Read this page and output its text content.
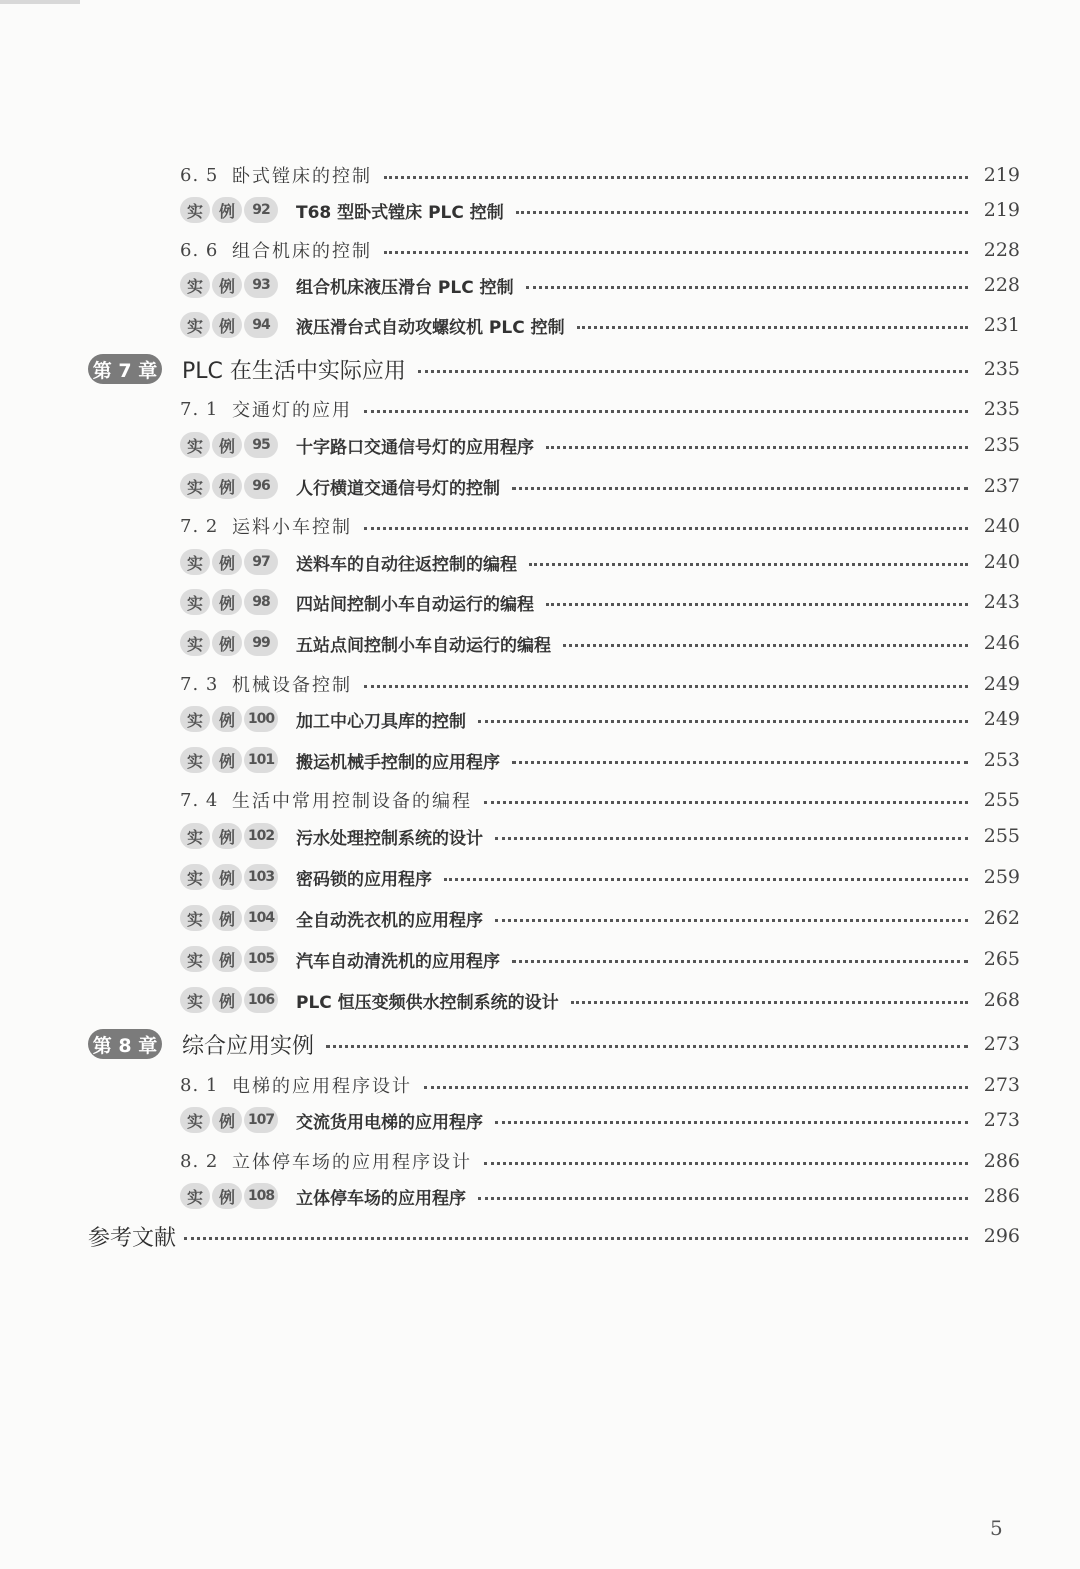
6. 5 卧式镗床的控制	219
实 例	92	T68 型卧式镗床 PLC 控制	219
6. 6 组合机床的控制	228
实 例	93	组合机床液压滑台 PLC 控制	228
实 例	94	液压滑台式自动攻螺纹机 PLC 控制	231
第 7 章 PLC 在生活中实际应用	235
7. 1 交通灯的应用	235
实 例	95	十字路口交通信号灯的应用程序	235
实 例	96	人行横道交通信号灯的控制	237
7. 2 运料小车控制	240
实 例	97	送料车的自动往返控制的编程	240
实 例	98	四站间控制小车自动运行的编程	243
实 例	99	五站点间控制小车自动运行的编程	246
7. 3 机械设备控制	249
实 例 100 加工中心刀具库的控制	249
实 例 101 搬运机械手控制的应用程序	253
7. 4 生活中常用控制设备的编程	255
实 例 102 污水处理控制系统的设计	255
实 例 103 密码锁的应用程序	259
实 例 104 全自动洗衣机的应用程序	262
实 例 105 汽车自动清洗机的应用程序	265
实 例 106 PLC 恒压变频供水控制系统的设计	268
第 8 章 综合应用实例	273
8. 1 电梯的应用程序设计	273
实 例 107 交流货用电梯的应用程序	273
8. 2 立体停车场的应用程序设计	286
实 例 108 立体停车场的应用程序	286
参考文献	296
5
